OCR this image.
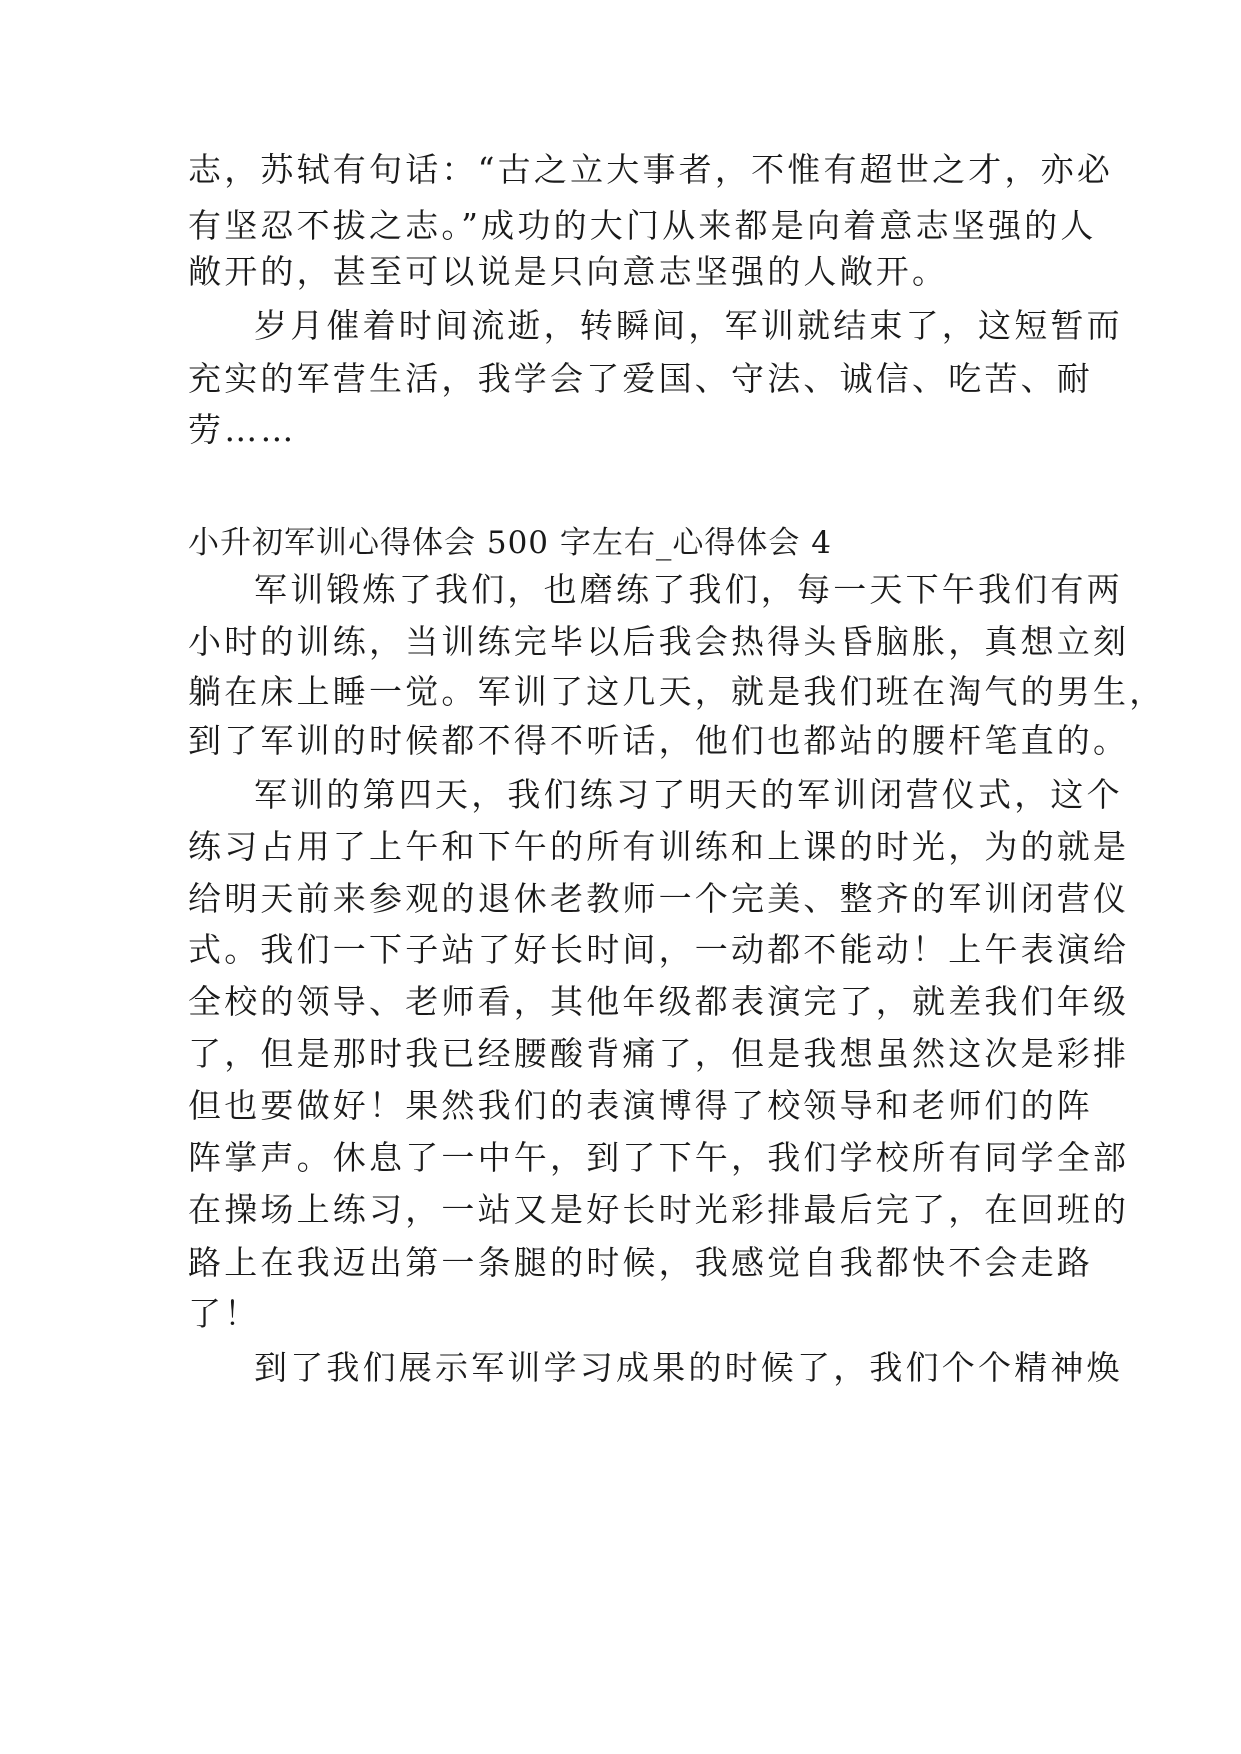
志，苏轼有句话：“古之立大事者，不惟有超世之才，亦必
有坚忍不拔之志。”成功的大门从来都是向着意志坚强的人
敞开的，甚至可以说是只向意志坚强的人敞开。
岁月催着时间流逝，转瞬间，军训就结束了，这短暂而
充实的军营生活，我学会了爱国、守法、诚信、吃苦、耐
劳……
小升初军训心得体会 500 字左右_心得体会 4
军训锻炼了我们，也磨练了我们，每一天下午我们有两
小时的训练，当训练完毕以后我会热得头昏脑胀，真想立刻
躺在床上睡一觉。军训了这几天，就是我们班在淘气的男生，
到了军训的时候都不得不听话，他们也都站的腰杆笔直的。
军训的第四天，我们练习了明天的军训闭营仪式，这个
练习占用了上午和下午的所有训练和上课的时光，为的就是
给明天前来参观的退休老教师一个完美、整齐的军训闭营仪
式。我们一下子站了好长时间，一动都不能动！上午表演给
全校的领导、老师看，其他年级都表演完了，就差我们年级
了，但是那时我已经腰酸背痛了，但是我想虽然这次是彩排
但也要做好！果然我们的表演博得了校领导和老师们的阵
阵掌声。休息了一中午，到了下午，我们学校所有同学全部
在操场上练习，一站又是好长时光彩排最后完了，在回班的
路上在我迈出第一条腿的时候，我感觉自我都快不会走路
了！
到了我们展示军训学习成果的时候了，我们个个精神焕
